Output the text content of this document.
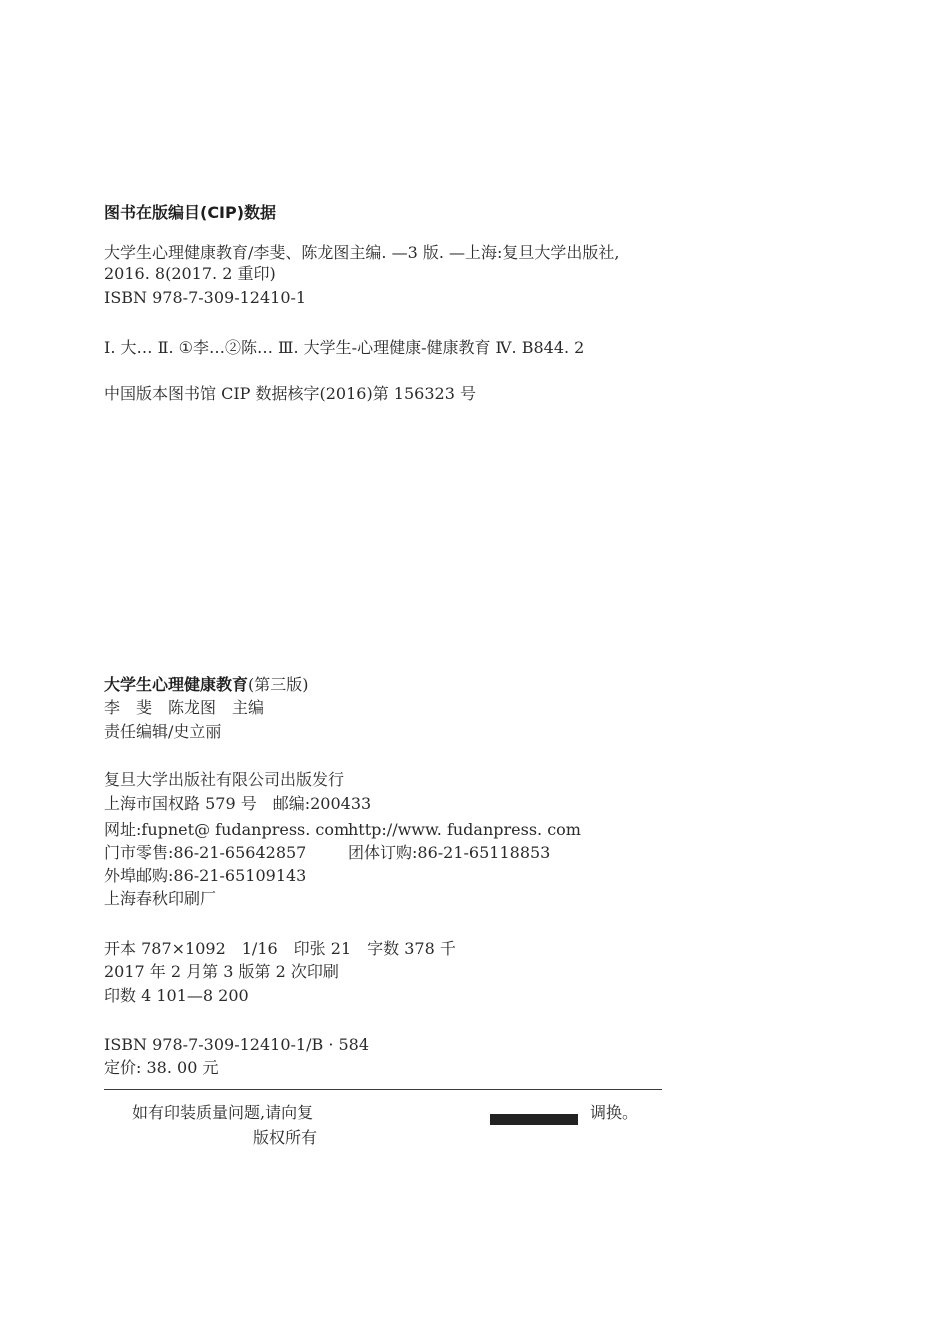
图书在版编目(CIP)数据
大学生心理健康教育/李斐、陈龙图主编. —3 版. —上海:复旦大学出版社,
2016. 8(2017. 2 重印)
ISBN 978-7-309-12410-1
Ⅰ. 大… Ⅱ. ①李…②陈… Ⅲ. 大学生-心理健康-健康教育 Ⅳ. B844. 2
中国版本图书馆 CIP 数据核字(2016)第 156323 号
大学生心理健康教育(第三版)
李　斐　陈龙图　主编
责任编辑/史立丽
复旦大学出版社有限公司出版发行
上海市国权路 579 号　邮编:200433
网址:fupnet@ fudanpress. com
http://www. fudanpress. com
门市零售:86-21-65642857	团体订购:86-21-65118853
外埠邮购:86-21-65109143
上海春秋印刷厂
开本 787×1092　1/16　印张 21　字数 378 千
2017 年 2 月第 3 版第 2 次印刷
印数 4 101—8 200
ISBN 978-7-309-12410-1/B · 584
定价: 38. 00 元
如有印装质量问题,请向复	调换。
版权所有
